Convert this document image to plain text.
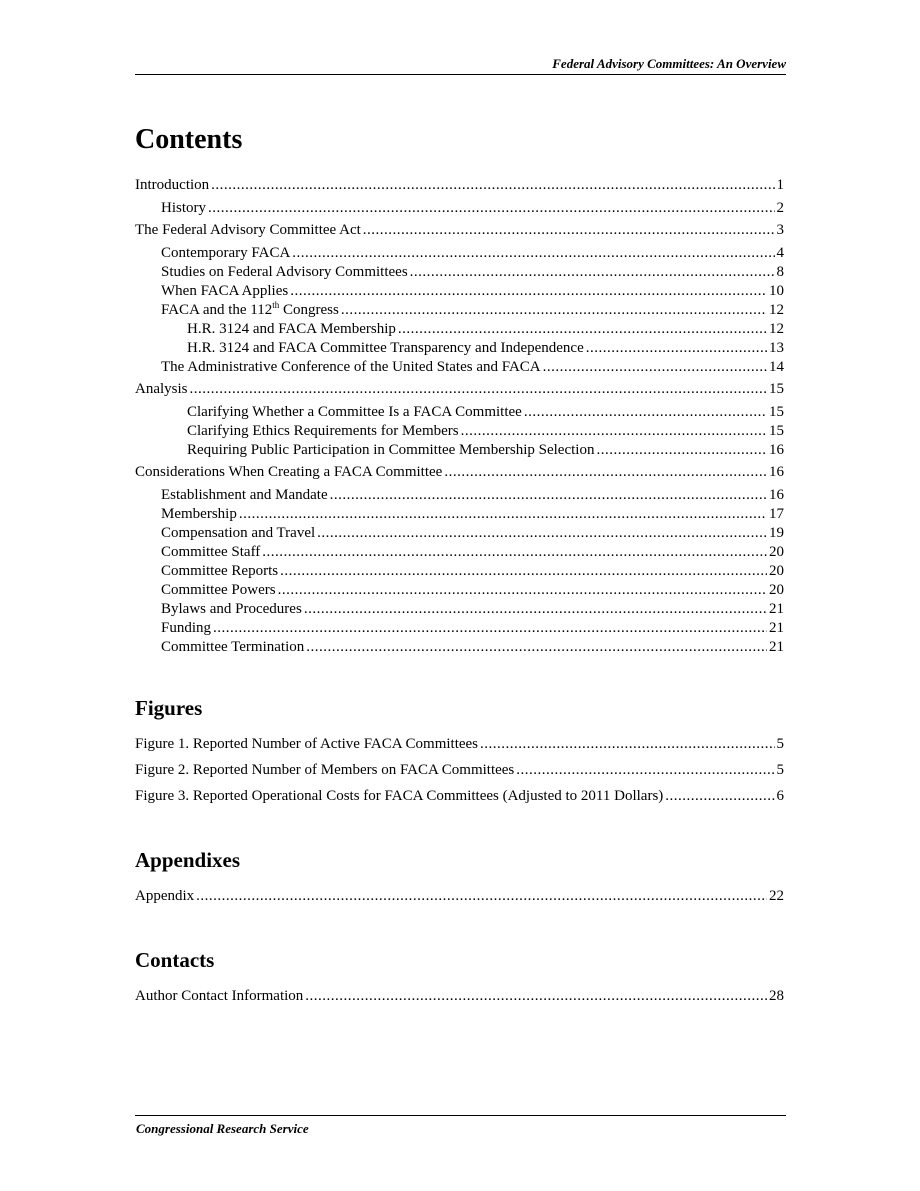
Federal Advisory Committees: An Overview
Contents
Introduction .....	1
History .....	2
The Federal Advisory Committee Act .....	3
Contemporary FACA .....	4
Studies on Federal Advisory Committees .....	8
When FACA Applies .....	10
FACA and the 112th Congress .....	12
H.R. 3124 and FACA Membership .....	12
H.R. 3124 and FACA Committee Transparency and Independence .....	13
The Administrative Conference of the United States and FACA .....	14
Analysis .....	15
Clarifying Whether a Committee Is a FACA Committee .....	15
Clarifying Ethics Requirements for Members .....	15
Requiring Public Participation in Committee Membership Selection .....	16
Considerations When Creating a FACA Committee .....	16
Establishment and Mandate .....	16
Membership .....	17
Compensation and Travel .....	19
Committee Staff .....	20
Committee Reports .....	20
Committee Powers .....	20
Bylaws and Procedures .....	21
Funding .....	21
Committee Termination .....	21
Figures
Figure 1. Reported Number of Active FACA Committees .....	5
Figure 2. Reported Number of Members on FACA Committees .....	5
Figure 3. Reported Operational Costs for FACA Committees (Adjusted to 2011 Dollars) .....	6
Appendixes
Appendix .....	22
Contacts
Author Contact Information .....	28
Congressional Research Service
